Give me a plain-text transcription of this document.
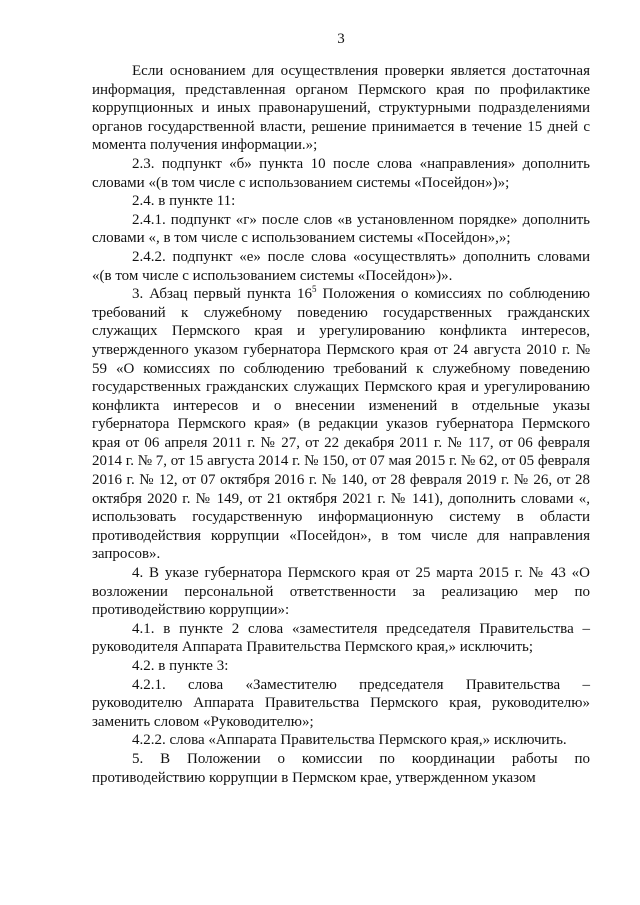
3

Если основанием для осуществления проверки является достаточная информация, представленная органом Пермского края по профилактике коррупционных и иных правонарушений, структурными подразделениями органов государственной власти, решение принимается в течение 15 дней с момента получения информации.»;

2.3. подпункт «б» пункта 10 после слова «направления» дополнить словами «(в том числе с использованием системы «Посейдон»)»;

2.4. в пункте 11:

2.4.1. подпункт «г» после слов «в установленном порядке» дополнить словами «, в том числе с использованием системы «Посейдон»,»;

2.4.2. подпункт «е» после слова «осуществлять» дополнить словами «(в том числе с использованием системы «Посейдон»)».

3. Абзац первый пункта $16^5$ Положения о комиссиях по соблюдению требований к служебному поведению государственных гражданских служащих Пермского края и урегулированию конфликта интересов, утвержденного указом губернатора Пермского края от 24 августа 2010 г. № 59 «О комиссиях по соблюдению требований к служебному поведению государственных гражданских служащих Пермского края и урегулированию конфликта интересов и о внесении изменений в отдельные указы губернатора Пермского края» (в редакции указов губернатора Пермского края от 06 апреля 2011 г. № 27, от 22 декабря 2011 г. № 117, от 06 февраля 2014 г. № 7, от 15 августа 2014 г. № 150, от 07 мая 2015 г. № 62, от 05 февраля 2016 г. № 12, от 07 октября 2016 г. № 140, от 28 февраля 2019 г. № 26, от 28 октября 2020 г. № 149, от 21 октября 2021 г. № 141), дополнить словами «, использовать государственную информационную систему в области противодействия коррупции «Посейдон», в том числе для направления запросов».

4. В указе губернатора Пермского края от 25 марта 2015 г. № 43 «О возложении персональной ответственности за реализацию мер по противодействию коррупции»:

4.1. в пункте 2 слова «заместителя председателя Правительства – руководителя Аппарата Правительства Пермского края,» исключить;

4.2. в пункте 3:

4.2.1. слова «Заместителю председателя Правительства – руководителю Аппарата Правительства Пермского края, руководителю» заменить словом «Руководителю»;

4.2.2. слова «Аппарата Правительства Пермского края,» исключить.

5. В Положении о комиссии по координации работы по противодействию коррупции в Пермском крае, утвержденном указом
